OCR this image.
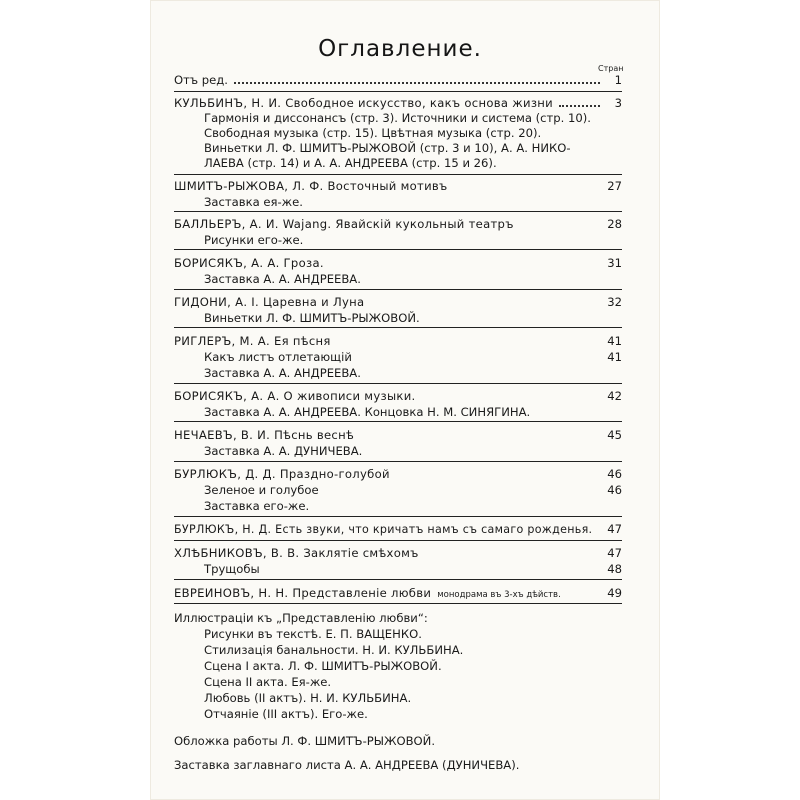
Оглавление.
Стран
Отъ ред.	1
КУЛЬБИНЪ, Н. И. Свободное искусство, какъ основа жизни	3
Гармонія и диссонансъ (стр. 3). Источники и система (стр. 10).
Свободная музыка (стр. 15). Цвѣтная музыка (стр. 20).
Виньетки Л. Ф. ШМИТЪ-РЫЖОВОЙ (стр. 3 и 10), А. А. НИКО-
ЛАЕВА (стр. 14) и А. А. АНДРЕЕВА (стр. 15 и 26).
ШМИТЪ-РЫЖОВА, Л. Ф. Восточный мотивъ	27
Заставка ея-же.
БАЛЛЬЕРЪ, А. И. Wajang. Явайскій кукольный театръ	28
Рисунки его-же.
БОРИСЯКЪ, А. А. Гроза.	31
Заставка А. А. АНДРЕЕВА.
ГИДОНИ, А. І. Царевна и Луна	32
Виньетки Л. Ф. ШМИТЪ-РЫЖОВОЙ.
РИГЛЕРЪ, М. А. Ея пѣсня	41
Какъ листъ отлетающій	41
Заставка А. А. АНДРЕЕВА.
БОРИСЯКЪ, А. А. О живописи музыки.	42
Заставка А. А. АНДРЕЕВА. Концовка Н. М. СИНЯГИНА.
НЕЧАЕВЪ, В. И. Пѣснь веснѣ	45
Заставка А. А. ДУНИЧЕВА.
БУРЛЮКЪ, Д. Д. Праздно-голубой	46
Зеленое и голубое	46
Заставка его-же.
БУРЛЮКЪ, Н. Д. Есть звуки, что кричатъ намъ съ самаго рожденья. 47
ХЛѢБНИКОВЪ, В. В. Заклятіе смѣхомъ	47
Трущобы	48
ЕВРЕИНОВЪ, Н. Н. Представленіе любви монодрама въ 3-хъ дѣйств.	49
Иллюстраціи къ „Представленію любви“:
Рисунки въ текстѣ. Е. П. ВАЩЕНКО.
Стилизація банальности. Н. И. КУЛЬБИНА.
Сцена І акта. Л. Ф. ШМИТЪ-РЫЖОВОЙ.
Сцена ІІ акта. Ея-же.
Любовь (ІІ актъ). Н. И. КУЛЬБИНА.
Отчаяніе (ІІІ актъ). Его-же.
Обложка работы Л. Ф. ШМИТЪ-РЫЖОВОЙ.
Заставка заглавнаго листа А. А. АНДРЕЕВА (ДУНИЧЕВА).
